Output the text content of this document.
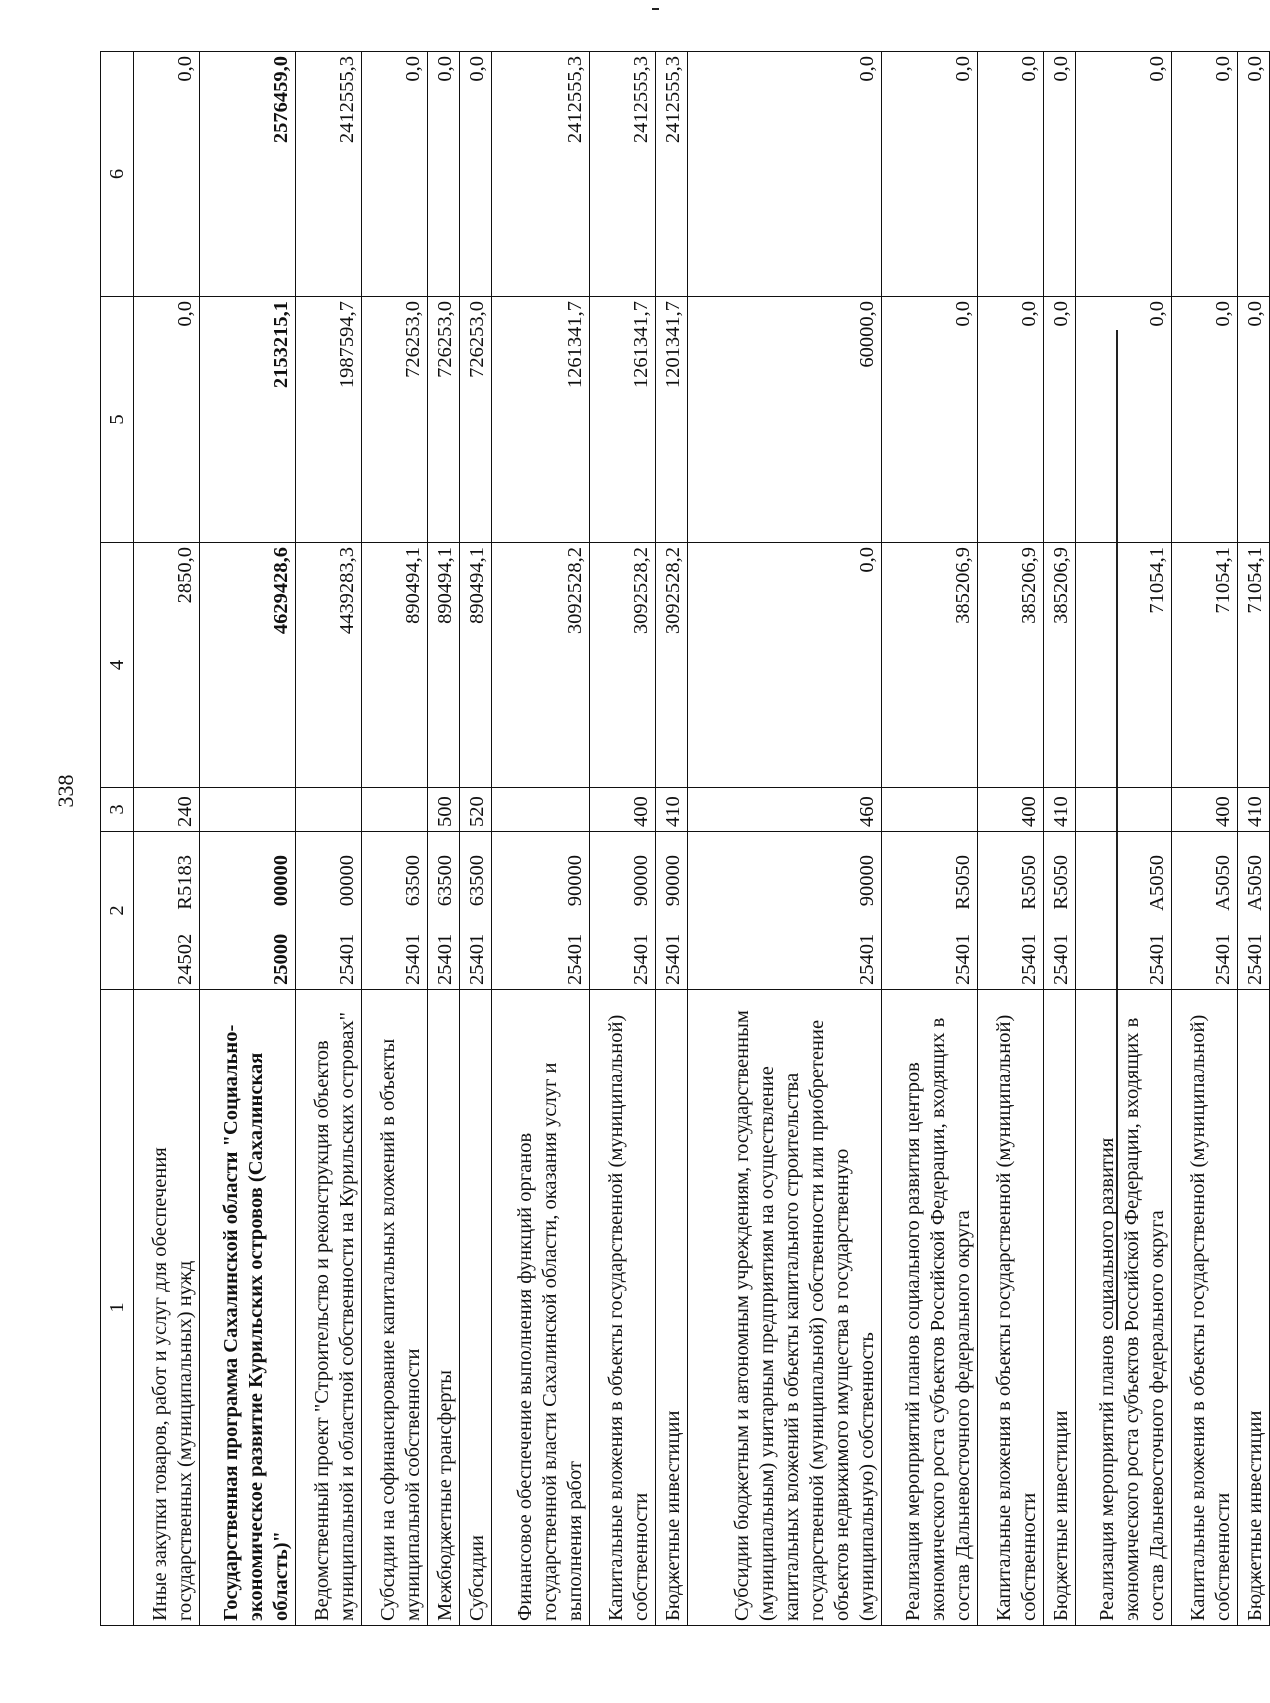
338
1	2	3	4	5	6
Иные закупки товаров, работ и услуг для обеспечения государственных (муниципальных) нужд	24502R5183	240	2850,0	0,0	0,0
Государственная программа Сахалинской области "Социально-экономическое развитие Курильских островов (Сахалинская область)"	2500000000		4629428,6	2153215,1	2576459,0
Ведомственный проект "Строительство и реконструкция объектов муниципальной и областной собственности на Курильских островах"	2540100000		4439283,3	1987594,7	2412555,3
Субсидии на софинансирование капитальных вложений в объекты муниципальной собственности	2540163500		890494,1	726253,0	0,0
Межбюджетные трансферты	2540163500	500	890494,1	726253,0	0,0
Субсидии	2540163500	520	890494,1	726253,0	0,0
Финансовое обеспечение выполнения функций органов государственной власти Сахалинской области, оказания услуг и выполнения работ	2540190000		3092528,2	1261341,7	2412555,3
Капитальные вложения в объекты государственной (муниципальной) собственности	2540190000	400	3092528,2	1261341,7	2412555,3
Бюджетные инвестиции	2540190000	410	3092528,2	1201341,7	2412555,3
Субсидии бюджетным и автономным учреждениям, государственным (муниципальным) унитарным предприятиям на осуществление капитальных вложений в объекты капитального строительства государственной (муниципальной) собственности или приобретение объектов недвижимого имущества в государственную (муниципальную) собственность	2540190000	460	0,0	60000,0	0,0
Реализация мероприятий планов социального развития центров экономического роста субъектов Российской Федерации, входящих в состав Дальневосточного федерального округа	25401R5050		385206,9	0,0	0,0
Капитальные вложения в объекты государственной (муниципальной) собственности	25401R5050	400	385206,9	0,0	0,0
Бюджетные инвестиции	25401R5050	410	385206,9	0,0	0,0
Реализация мероприятий планов социального развития экономического роста субъектов Российской Федерации, входящих в состав Дальневосточного федерального округа	25401A5050		71054,1	0,0	0,0
Капитальные вложения в объекты государственной (муниципальной) собственности	25401A5050	400	71054,1	0,0	0,0
Бюджетные инвестиции	25401A5050	410	71054,1	0,0	0,0
